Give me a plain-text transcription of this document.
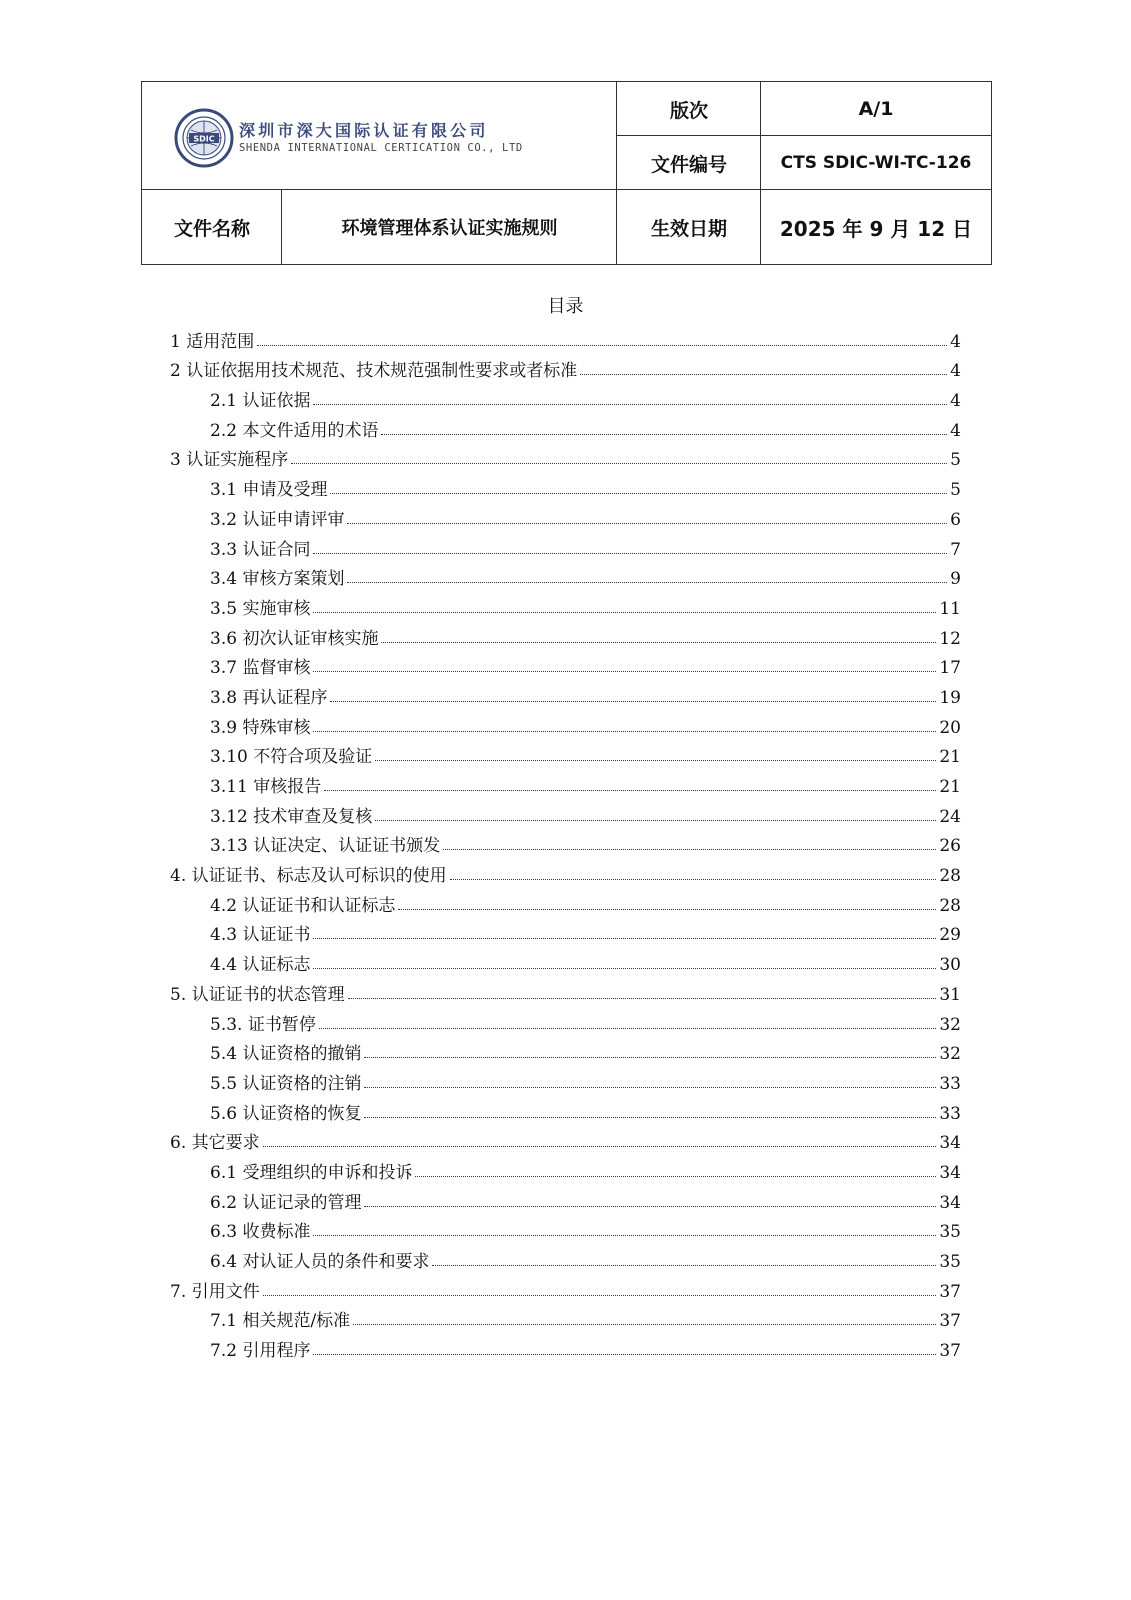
SDIC 深圳市深大国际认证有限公司
SHENDA INTERNATIONAL CERTICATION CO., LTD
版次	A/1
文件编号	CTS SDIC-WI-TC-126
文件名称	环境管理体系认证实施规则	生效日期	2025 年 9 月 12 日
目录
1 适用范围	4
2 认证依据用技术规范、技术规范强制性要求或者标准	4
2.1 认证依据	4
2.2 本文件适用的术语	4
3 认证实施程序	5
3.1 申请及受理	5
3.2 认证申请评审	6
3.3 认证合同	7
3.4 审核方案策划	9
3.5 实施审核	11
3.6 初次认证审核实施	12
3.7 监督审核	17
3.8 再认证程序	19
3.9 特殊审核	20
3.10 不符合项及验证	21
3.11 审核报告	21
3.12 技术审查及复核	24
3.13 认证决定、认证证书颁发	26
4. 认证证书、标志及认可标识的使用	28
4.2 认证证书和认证标志	28
4.3 认证证书	29
4.4 认证标志	30
5. 认证证书的状态管理	31
5.3. 证书暂停	32
5.4 认证资格的撤销	32
5.5 认证资格的注销	33
5.6 认证资格的恢复	33
6. 其它要求	34
6.1 受理组织的申诉和投诉	34
6.2 认证记录的管理	34
6.3 收费标准	35
6.4 对认证人员的条件和要求	35
7. 引用文件	37
7.1 相关规范/标准	37
7.2 引用程序	37
